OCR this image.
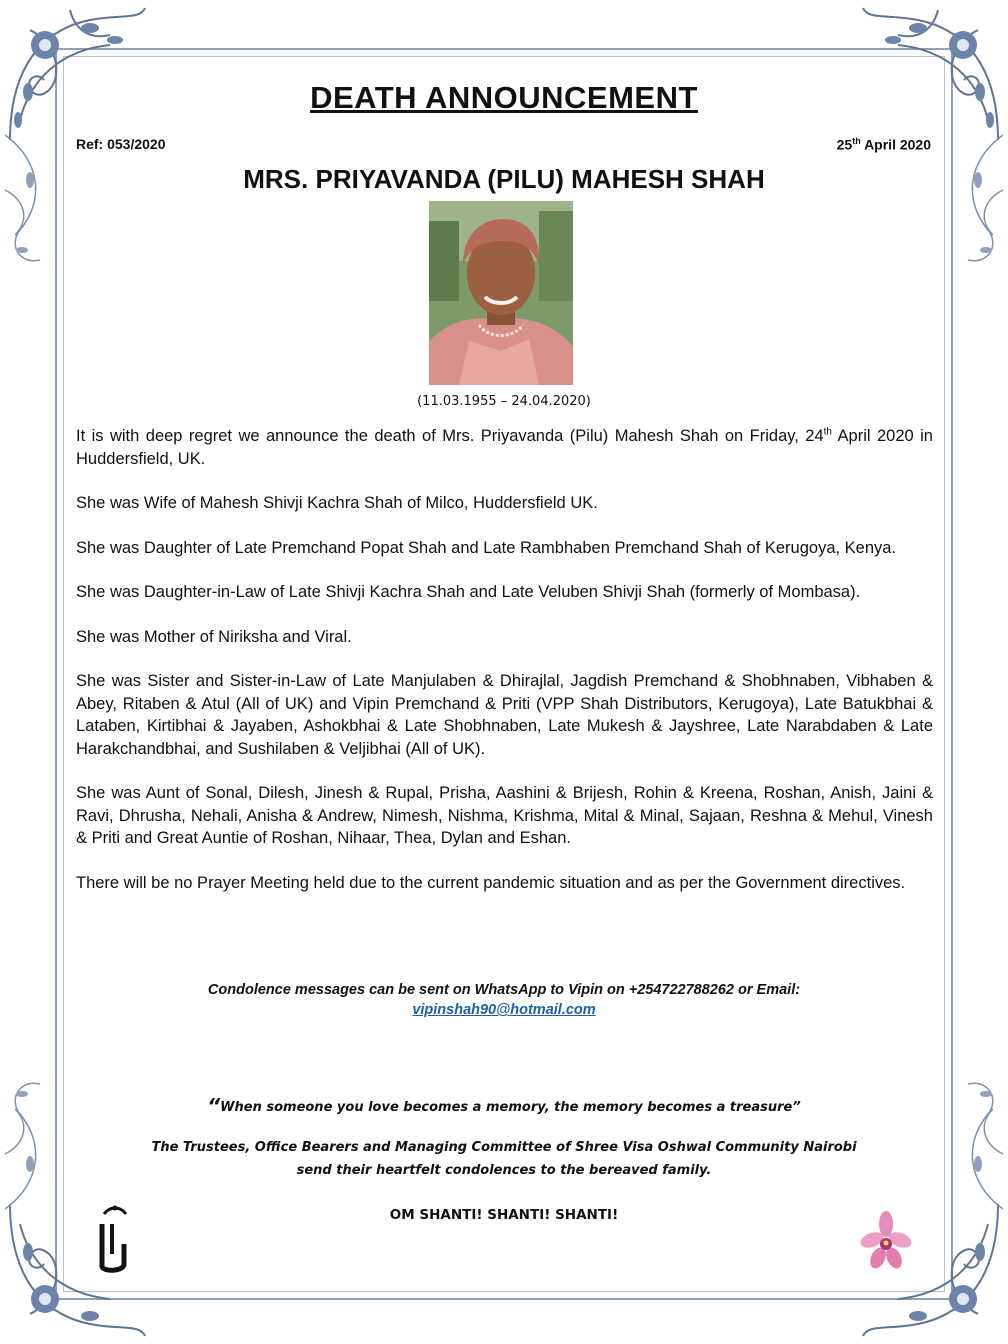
DEATH ANNOUNCEMENT
Ref: 053/2020	25th April 2020
MRS. PRIYAVANDA (PILU) MAHESH SHAH
(11.03.1955 – 24.04.2020)

It is with deep regret we announce the death of Mrs. Priyavanda (Pilu) Mahesh Shah on Friday, 24th April 2020 in Huddersfield, UK.

She was Wife of Mahesh Shivji Kachra Shah of Milco, Huddersfield UK.

She was Daughter of Late Premchand Popat Shah and Late Rambhaben Premchand Shah of Kerugoya, Kenya.

She was Daughter-in-Law of Late Shivji Kachra Shah and Late Veluben Shivji Shah (formerly of Mombasa).

She was Mother of Niriksha and Viral.

She was Sister and Sister-in-Law of Late Manjulaben & Dhirajlal, Jagdish Premchand & Shobhnaben, Vibhaben & Abey, Ritaben & Atul (All of UK) and Vipin Premchand & Priti (VPP Shah Distributors, Kerugoya), Late Batukbhai & Lataben, Kirtibhai & Jayaben, Ashokbhai & Late Shobhnaben, Late Mukesh & Jayshree, Late Narabdaben & Late Harakchandbhai, and Sushilaben & Veljibhai (All of UK).

She was Aunt of Sonal, Dilesh, Jinesh & Rupal, Prisha, Aashini & Brijesh, Rohin & Kreena, Roshan, Anish, Jaini & Ravi, Dhrusha, Nehali, Anisha & Andrew, Nimesh, Nishma, Krishma, Mital & Minal, Sajaan, Reshna & Mehul, Vinesh & Priti and Great Auntie of Roshan, Nihaar, Thea, Dylan and Eshan.

There will be no Prayer Meeting held due to the current pandemic situation and as per the Government directives.

Condolence messages can be sent on WhatsApp to Vipin on +254722788262 or Email:
vipinshah90@hotmail.com
“When someone you love becomes a memory, the memory becomes a treasure”
The Trustees, Office Bearers and Managing Committee of Shree Visa Oshwal Community Nairobi
send their heartfelt condolences to the bereaved family.
OM SHANTI! SHANTI! SHANTI!
